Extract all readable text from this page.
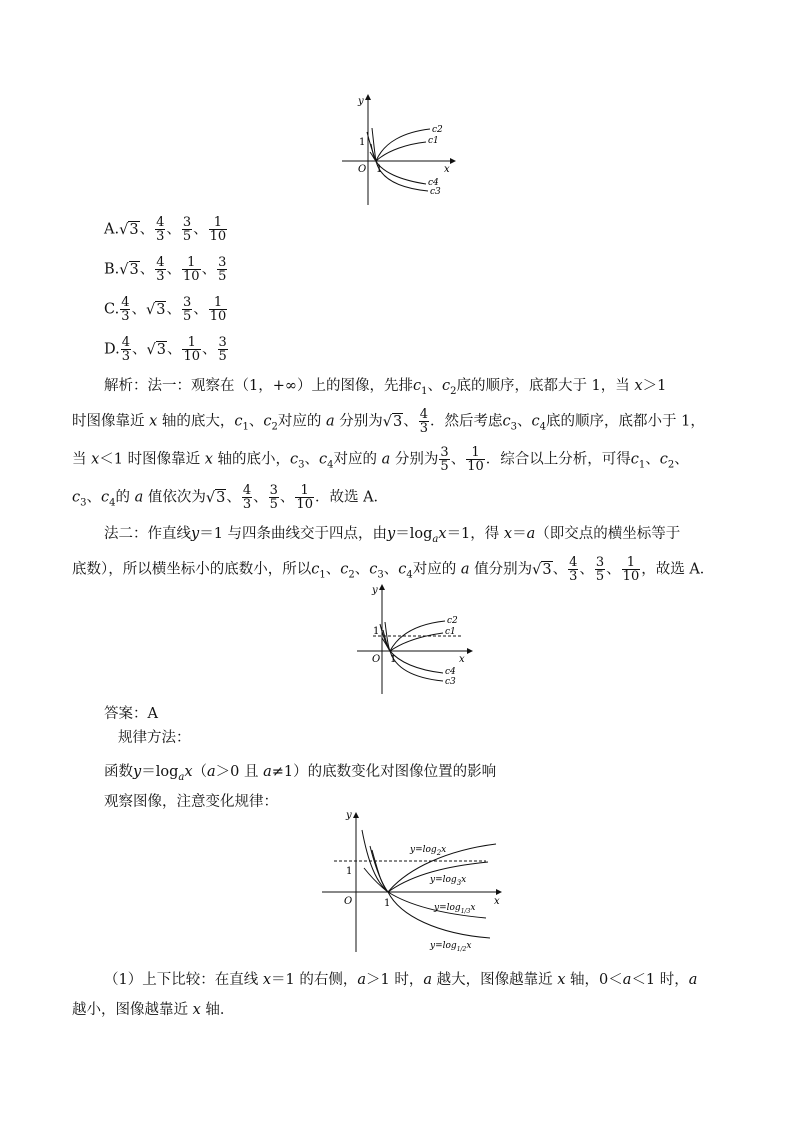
y
x
O
1
1
c2
c1
c4
c3
A.√3、 $\frac{4}{3}$ 、 $\frac{3}{5}$ 、 $\frac{1}{10}$
B.√3、 $\frac{4}{3}$ 、 $\frac{1}{10}$ 、 $\frac{3}{5}$
C. $\frac{4}{3}$ 、√3、 $\frac{3}{5}$ 、 $\frac{1}{10}$
D. $\frac{4}{3}$ 、√3、 $\frac{1}{10}$ 、 $\frac{3}{5}$
解析：法一：观察在（1，+∞）上的图像，先排$c_1$、$c_2$底的顺序，底都大于 1，当 x＞1
时图像靠近 x 轴的底大，$c_1$、$c_2$对应的 a 分别为√3、 $\frac{4}{3}$ ．然后考虑$c_3$、$c_4$底的顺序，底都小于 1，
当 x＜1 时图像靠近 x 轴的底小，$c_3$、$c_4$对应的 a 分别为 $\frac{3}{5}$ 、 $\frac{1}{10}$ ．综合以上分析，可得$c_1$、$c_2$、
$c_3$、$c_4$的 a 值依次为√3、 $\frac{4}{3}$ 、 $\frac{3}{5}$ 、 $\frac{1}{10}$ ．故选 A．
法二：作直线y＝1 与四条曲线交于四点，由$y=\log_ax=1$，得 x＝a（即交点的横坐标等于
底数），所以横坐标小的底数小，所以$c_1$、$c_2$、$c_3$、$c_4$对应的 a 值分别为√3、 $\frac{4}{3}$ 、 $\frac{3}{5}$ 、 $\frac{1}{10}$ ，故选 A．
y
x
O
1
1
c2
c1
c4
c3
答案：A
规律方法：
函数$y=\log_ax(a>0$ 且 a≠1）的底数变化对图像位置的影响
观察图像，注意变化规律：
y
x
O
1
1
$y=\log_2x$
$y=\log_3x$
$y=\log_{1/3}x$
$y=\log_{1/2}x$
（1）上下比较：在直线 x＝1 的右侧，a＞1 时，a 越大，图像越靠近 x 轴，0＜a＜1 时，a
越小，图像越靠近 x 轴．
